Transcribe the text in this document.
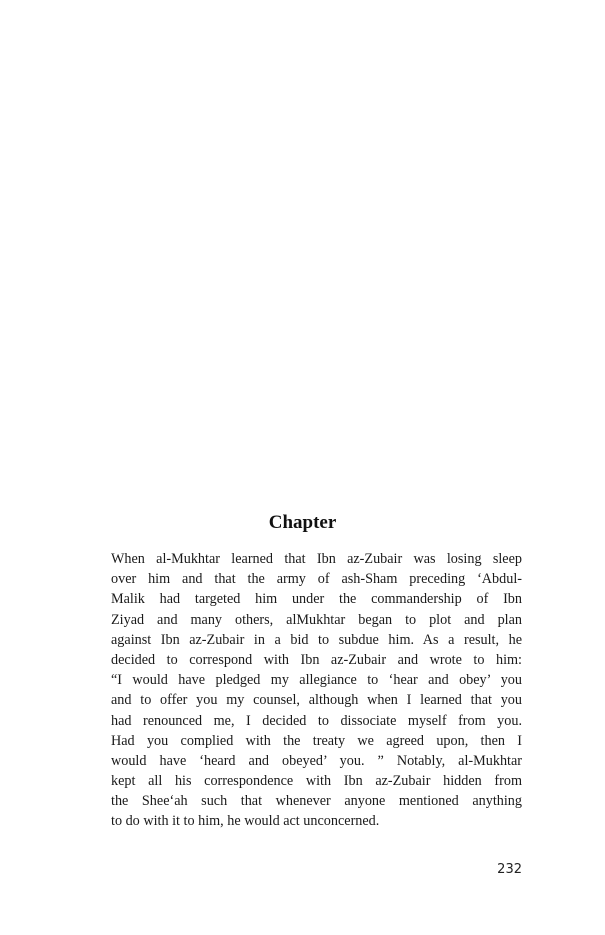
Chapter
When al-Mukhtar learned that Ibn az-Zubair was losing sleep
over him and that the army of ash-Sham preceding ‘Abdul-
Malik had targeted him under the commandership of Ibn
Ziyad and many others, alMukhtar began to plot and plan
against Ibn az-Zubair in a bid to subdue him. As a result, he
decided to correspond with Ibn az-Zubair and wrote to him:
“I would have pledged my allegiance to ‘hear and obey’ you
and to offer you my counsel, although when I learned that you
had renounced me, I decided to dissociate myself from you.
Had you complied with the treaty we agreed upon, then I
would have ‘heard and obeyed’ you. ” Notably, al-Mukhtar
kept all his correspondence with Ibn az-Zubair hidden from
the Shee‘ah such that whenever anyone mentioned anything
to do with it to him, he would act unconcerned.
232
